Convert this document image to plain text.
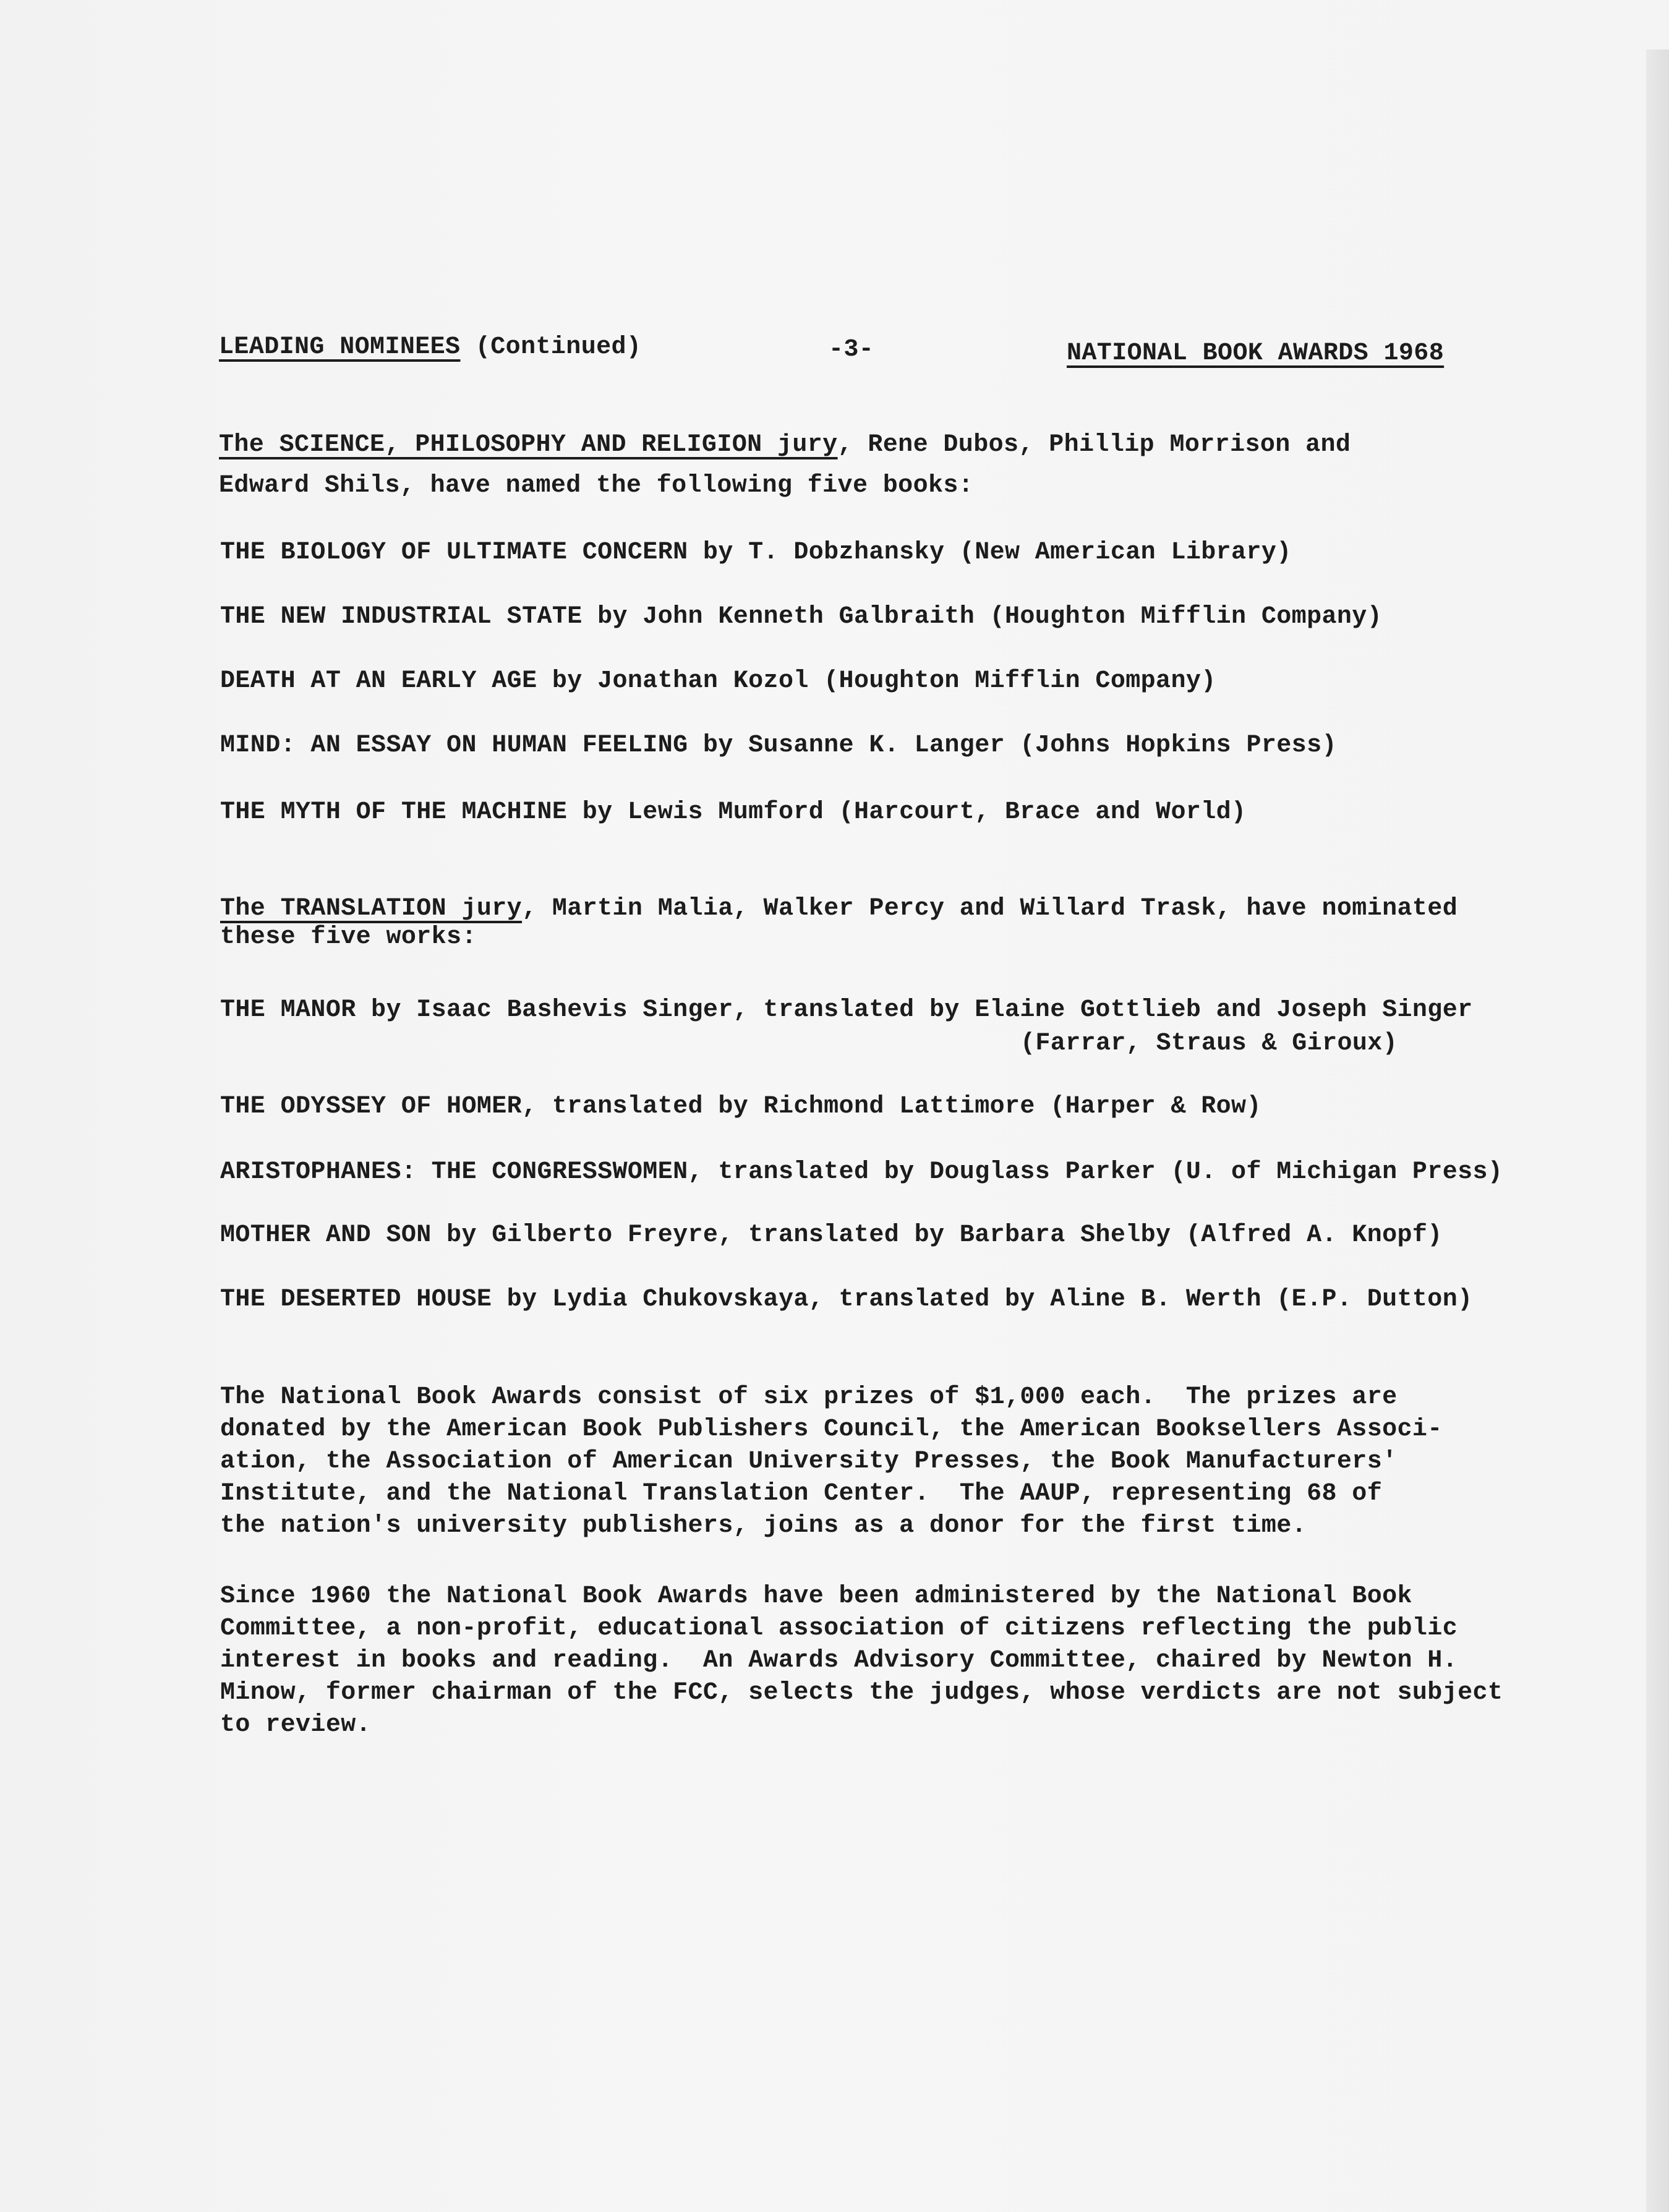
LEADING NOMINEES (Continued)	-3-	NATIONAL BOOK AWARDS 1968
The SCIENCE, PHILOSOPHY AND RELIGION jury, Rene Dubos, Phillip Morrison and
Edward Shils, have named the following five books:
THE BIOLOGY OF ULTIMATE CONCERN by T. Dobzhansky (New American Library)
THE NEW INDUSTRIAL STATE by John Kenneth Galbraith (Houghton Mifflin Company)
DEATH AT AN EARLY AGE by Jonathan Kozol (Houghton Mifflin Company)
MIND: AN ESSAY ON HUMAN FEELING by Susanne K. Langer (Johns Hopkins Press)
THE MYTH OF THE MACHINE by Lewis Mumford (Harcourt, Brace and World)
The TRANSLATION jury, Martin Malia, Walker Percy and Willard Trask, have nominated
these five works:
THE MANOR by Isaac Bashevis Singer, translated by Elaine Gottlieb and Joseph Singer
(Farrar, Straus & Giroux)
THE ODYSSEY OF HOMER, translated by Richmond Lattimore (Harper & Row)
ARISTOPHANES: THE CONGRESSWOMEN, translated by Douglass Parker (U. of Michigan Press)
MOTHER AND SON by Gilberto Freyre, translated by Barbara Shelby (Alfred A. Knopf)
THE DESERTED HOUSE by Lydia Chukovskaya, translated by Aline B. Werth (E.P. Dutton)

The National Book Awards consist of six prizes of $1,000 each.  The prizes are

donated by the American Book Publishers Council, the American Booksellers Associ-

ation, the Association of American University Presses, the Book Manufacturers'

Institute, and the National Translation Center.  The AAUP, representing 68 of

the nation's university publishers, joins as a donor for the first time.

Since 1960 the National Book Awards have been administered by the National Book

Committee, a non-profit, educational association of citizens reflecting the public

interest in books and reading.  An Awards Advisory Committee, chaired by Newton H.

Minow, former chairman of the FCC, selects the judges, whose verdicts are not subject

to review.
